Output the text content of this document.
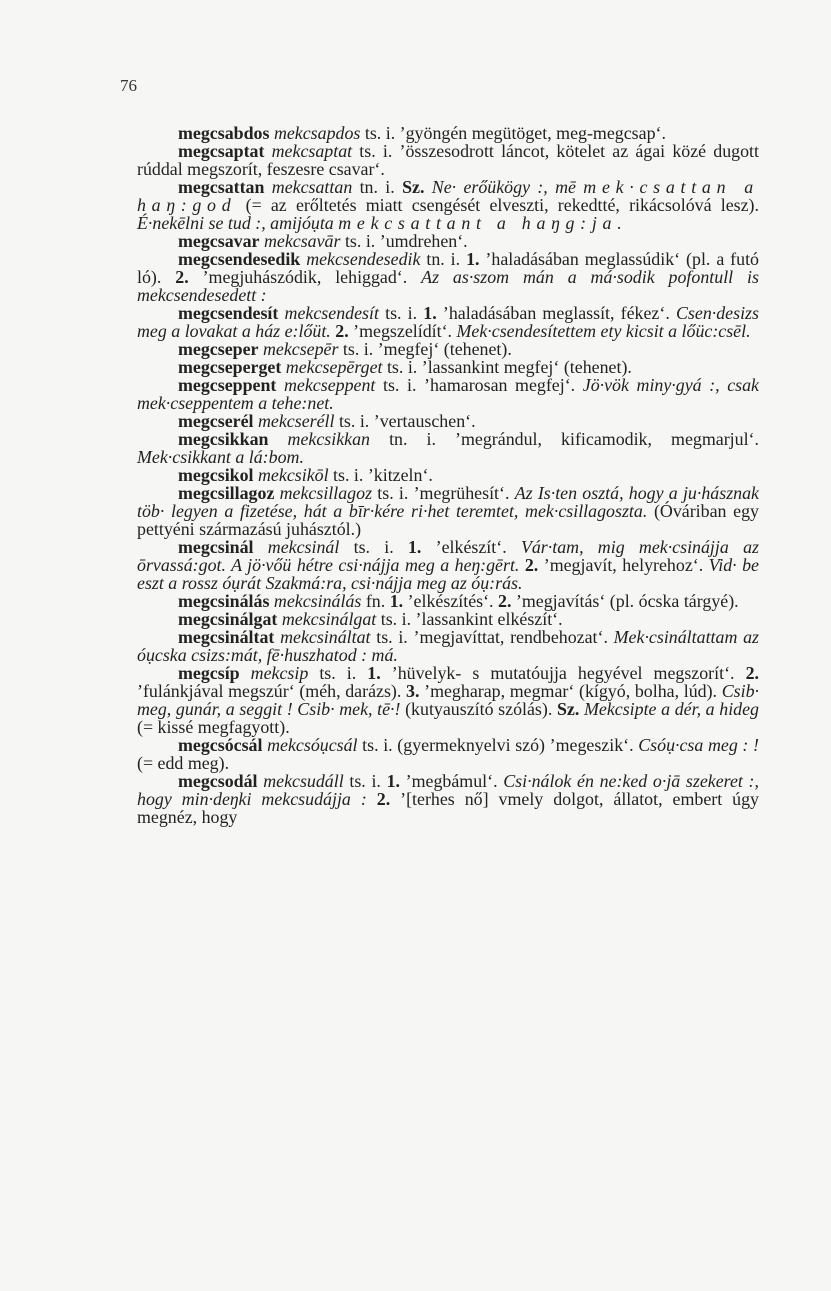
76

megcsabdos mekcsapdos ts. i. ’gyöngén megütöget, meg-megcsap‘.

megcsaptat mekcsaptat ts. i. ’összesodrott láncot, kötelet az ágai közé dugott rúddal megszorít, feszesre csavar‘.

megcsattan mekcsattan tn. i. Sz. Ne· erőükögy :, mē mek·csattan a haŋ:god (= az erőltetés miatt csengését elveszti, rekedtté, rikácsolóvá lesz). É·nekēlni se tud :, amijóụta mekcsattant a haŋg:ja.

megcsavar mekcsavār ts. i. ’umdrehen‘.

megcsendesedik mekcsendesedik tn. i. 1. ’haladásában meglassúdik‘ (pl. a futó ló). 2. ’megjuhászódik, lehiggad‘. Az as·szom mán a má·sodik pofontull is mekcsendesedett :

megcsendesít mekcsendesít ts. i. 1. ’haladásában meglassít, fékez‘. Csen·desizs meg a lovakat a ház e:lőüt. 2. ’megszelídít‘. Mek·csendesítettem ety kicsit a lőüc:csēl.

megcseper mekcsepēr ts. i. ’megfej‘ (tehenet).

megcseperget mekcsepērget ts. i. ’lassankint megfej‘ (tehenet).

megcseppent mekcseppent ts. i. ’hamarosan megfej‘. Jö·vök miny·gyá :, csak mek·cseppentem a tehe:net.

megcserél mekcseréll ts. i. ’vertauschen‘.

megcsikkan mekcsikkan tn. i. ’megrándul, kificamodik, megmarjul‘. Mek·csikkant a lá:bom.

megcsikol mekcsikōl ts. i. ’kitzeln‘.

megcsillagoz mekcsillagoz ts. i. ’megrühesít‘. Az Is·ten osztá, hogy a ju·hásznak töb· legyen a fizetése, hát a bīr·kére ri·het teremtet, mek·csillagoszta. (Óváriban egy pettyéni származású juhásztól.)

megcsinál mekcsinál ts. i. 1. ’elkészít‘. Vár·tam, mig mek·csinájja az ōrvassá:got. A jö·vőü hétre csi·nájja meg a heŋ:gērt. 2. ’megjavít, helyrehoz‘. Vid· be eszt a rossz óụrát Szakmá:ra, csi·nájja meg az óụ:rás.

megcsinálás mekcsinálás fn. 1. ’elkészítés‘. 2. ’megjavítás‘ (pl. ócska tárgyé).

megcsinálgat mekcsinálgat ts. i. ’lassankint elkészít‘.

megcsináltat mekcsináltat ts. i. ’megjavíttat, rendbehozat‘. Mek·csináltattam az óụcska csizs:mát, fē·huszhatod : má.

megcsíp mekcsip ts. i. 1. ’hüvelyk- s mutatóujja hegyével megszorít‘. 2. ’fulánkjával megszúr‘ (méh, darázs). 3. ’megharap, megmar‘ (kígyó, bolha, lúd). Csib· meg, gunár, a seggit ! Csib· mek, tē·! (kutyauszító szólás). Sz. Mekcsipte a dér, a hideg (= kissé megfagyott).

megcsócsál mekcsóụcsál ts. i. (gyermeknyelvi szó) ’megeszik‘. Csóụ·csa meg : ! (= edd meg).

megcsodál mekcsudáll ts. i. 1. ’megbámul‘. Csi·nálok én ne:ked o·jā szekeret :, hogy min·deŋki mekcsudájja : 2. ’[terhes nő] vmely dolgot, állatot, embert úgy megnéz, hogy
